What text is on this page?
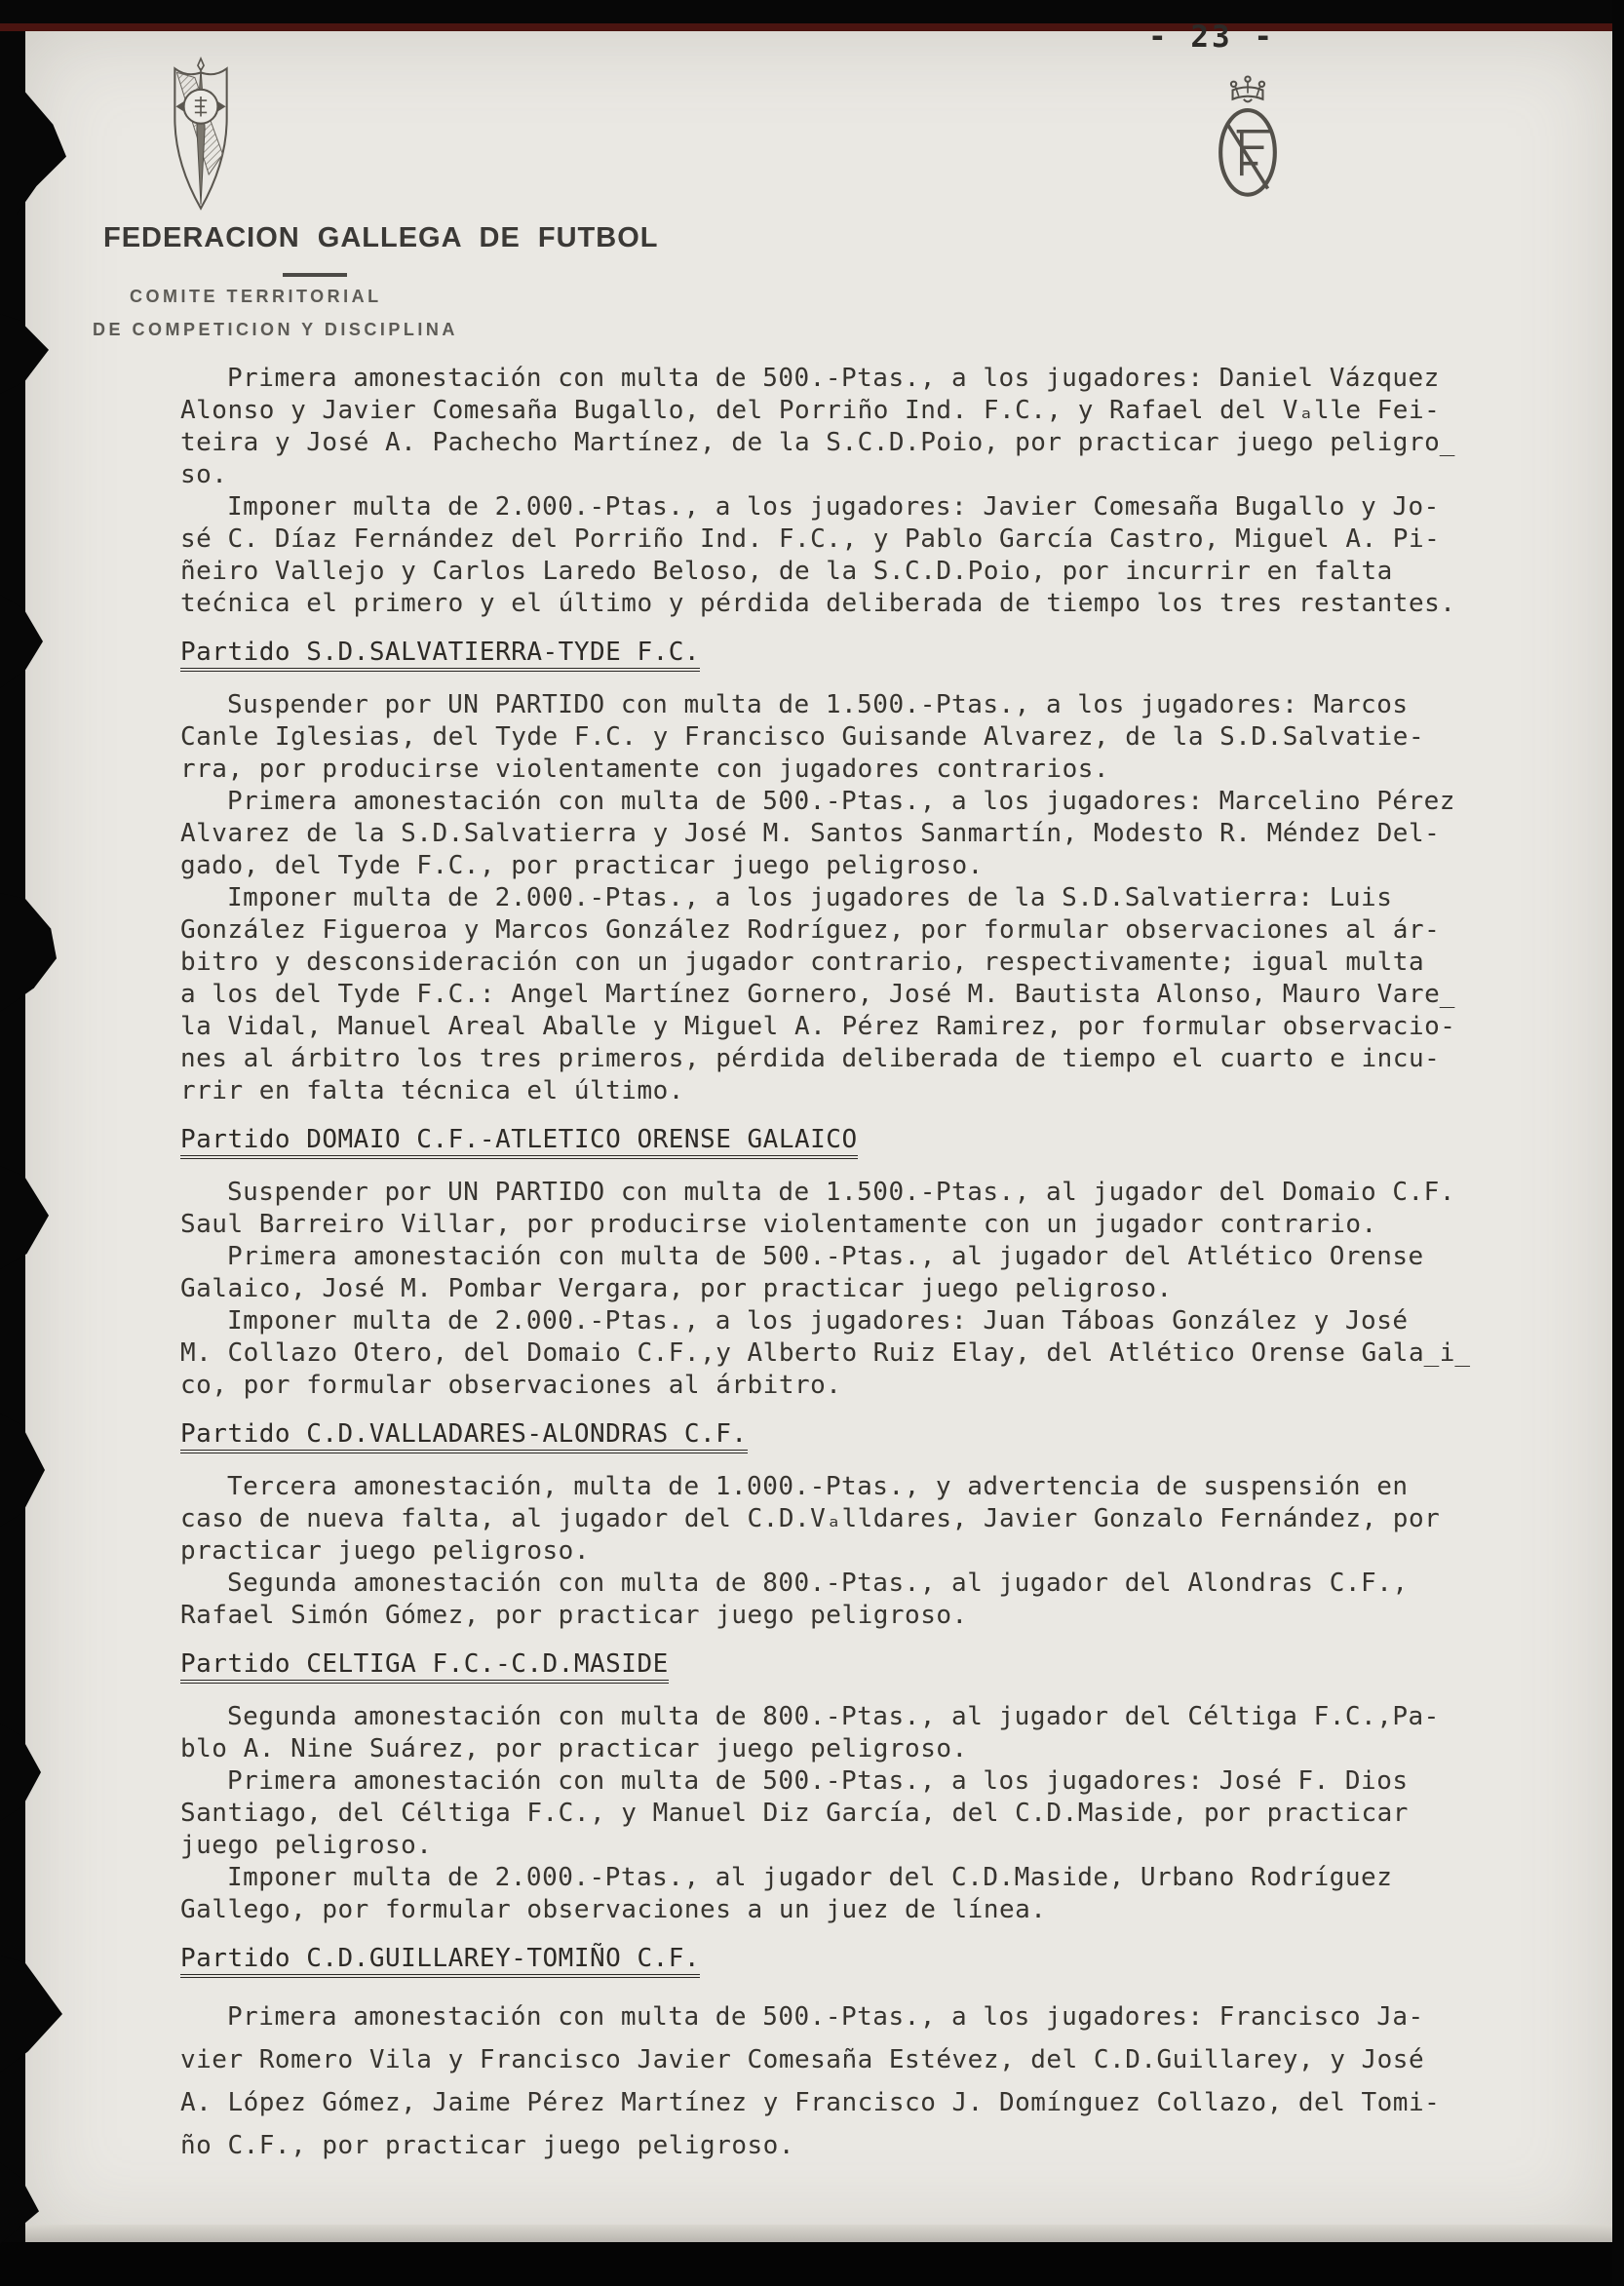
- 23 -
FEDERACION GALLEGA DE FUTBOL
COMITE TERRITORIAL
DE COMPETICION Y DISCIPLINA
Primera amonestación con multa de 500.-Ptas., a los jugadores: Daniel Vázquez
Alonso y Javier Comesaña Bugallo, del Porriño Ind. F.C., y Rafael del Vₐlle Fei-
teira y José A. Pachecho Martínez, de la S.C.D.Poio, por practicar juego peligro̲
so.
Imponer multa de 2.000.-Ptas., a los jugadores: Javier Comesaña Bugallo y Jo-
sé C. Díaz Fernández del Porriño Ind. F.C., y Pablo García Castro, Miguel A. Pi-
ñeiro Vallejo y Carlos Laredo Beloso, de la S.C.D.Poio, por incurrir en falta
tećnica el primero y el último y pérdida deliberada de tiempo los tres restantes.
Partido S.D.SALVATIERRA-TYDE F.C.
Suspender por UN PARTIDO con multa de 1.500.-Ptas., a los jugadores: Marcos
Canle Iglesias, del Tyde F.C. y Francisco Guisande Alvarez, de la S.D.Salvatie-
rra, por producirse violentamente con jugadores contrarios.
Primera amonestación con multa de 500.-Ptas., a los jugadores: Marcelino Pérez
Alvarez de la S.D.Salvatierra y José M. Santos Sanmartín, Modesto R. Méndez Del-
gado, del Tyde F.C., por practicar juego peligroso.
Imponer multa de 2.000.-Ptas., a los jugadores de la S.D.Salvatierra: Luis
González Figueroa y Marcos González Rodríguez, por formular observaciones al ár-
bitro y desconsideración con un jugador contrario, respectivamente; igual multa
a los del Tyde F.C.: Angel Martínez Gornero, José M. Bautista Alonso, Mauro Vare̲
la Vidal, Manuel Areal Aballe y Miguel A. Pérez Ramirez, por formular observacio-
nes al árbitro los tres primeros, pérdida deliberada de tiempo el cuarto e incu-
rrir en falta técnica el último.
Partido DOMAIO C.F.-ATLETICO ORENSE GALAICO
Suspender por UN PARTIDO con multa de 1.500.-Ptas., al jugador del Domaio C.F.
Saul Barreiro Villar, por producirse violentamente con un jugador contrario.
Primera amonestación con multa de 500.-Ptas., al jugador del Atlético Orense
Galaico, José M. Pombar Vergara, por practicar juego peligroso.
Imponer multa de 2.000.-Ptas., a los jugadores: Juan Táboas González y José
M. Collazo Otero, del Domaio C.F.,y Alberto Ruiz Elay, del Atlético Orense Gala̲i̲
co, por formular observaciones al árbitro.
Partido C.D.VALLADARES-ALONDRAS C.F.
Tercera amonestación, multa de 1.000.-Ptas., y advertencia de suspensión en
caso de nueva falta, al jugador del C.D.Vₐlldares, Javier Gonzalo Fernández, por
practicar juego peligroso.
Segunda amonestación con multa de 800.-Ptas., al jugador del Alondras C.F.,
Rafael Simón Gómez, por practicar juego peligroso.
Partido CELTIGA F.C.-C.D.MASIDE
Segunda amonestación con multa de 800.-Ptas., al jugador del Céltiga F.C.,Pa-
blo A. Nine Suárez, por practicar juego peligroso.
Primera amonestación con multa de 500.-Ptas., a los jugadores: José F. Dios
Santiago, del Céltiga F.C., y Manuel Diz García, del C.D.Maside, por practicar
juego peligroso.
Imponer multa de 2.000.-Ptas., al jugador del C.D.Maside, Urbano Rodríguez
Gallego, por formular observaciones a un juez de línea.
Partido C.D.GUILLAREY-TOMIÑO C.F.
Primera amonestación con multa de 500.-Ptas., a los jugadores: Francisco Ja-
vier Romero Vila y Francisco Javier Comesaña Estévez, del C.D.Guillarey, y José
A. López Gómez, Jaime Pérez Martínez y Francisco J. Domínguez Collazo, del Tomi-
ño C.F., por practicar juego peligroso.
